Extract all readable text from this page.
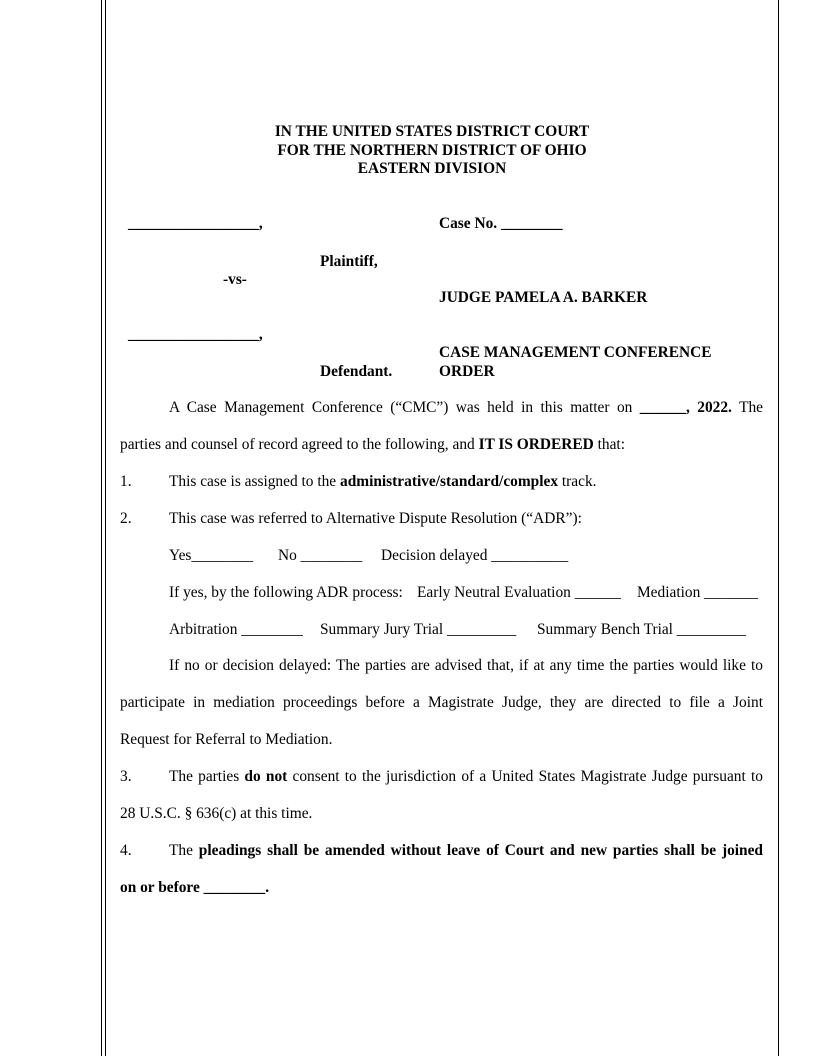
IN THE UNITED STATES DISTRICT COURT
FOR THE NORTHERN DISTRICT OF OHIO
EASTERN DIVISION
_________________,	Case No. ________
Plaintiff,
-vs-
JUDGE PAMELA A. BARKER
_________________,
CASE MANAGEMENT CONFERENCE
Defendant.	ORDER
A Case Management Conference (“CMC”) was held in this matter on ______, 2022. The
parties and counsel of record agreed to the following, and IT IS ORDERED that:
1. This case is assigned to the administrative/standard/complex track.
2. This case was referred to Alternative Dispute Resolution (“ADR”):
Yes________ No ________ Decision delayed __________
If yes, by the following ADR process: Early Neutral Evaluation ______ Mediation _______
Arbitration ________ Summary Jury Trial _________ Summary Bench Trial _________
If no or decision delayed: The parties are advised that, if at any time the parties would like to
participate in mediation proceedings before a Magistrate Judge, they are directed to file a Joint
Request for Referral to Mediation.
3. The parties do not consent to the jurisdiction of a United States Magistrate Judge pursuant to
28 U.S.C. § 636(c) at this time.
4. The pleadings shall be amended without leave of Court and new parties shall be joined
on or before ________.
